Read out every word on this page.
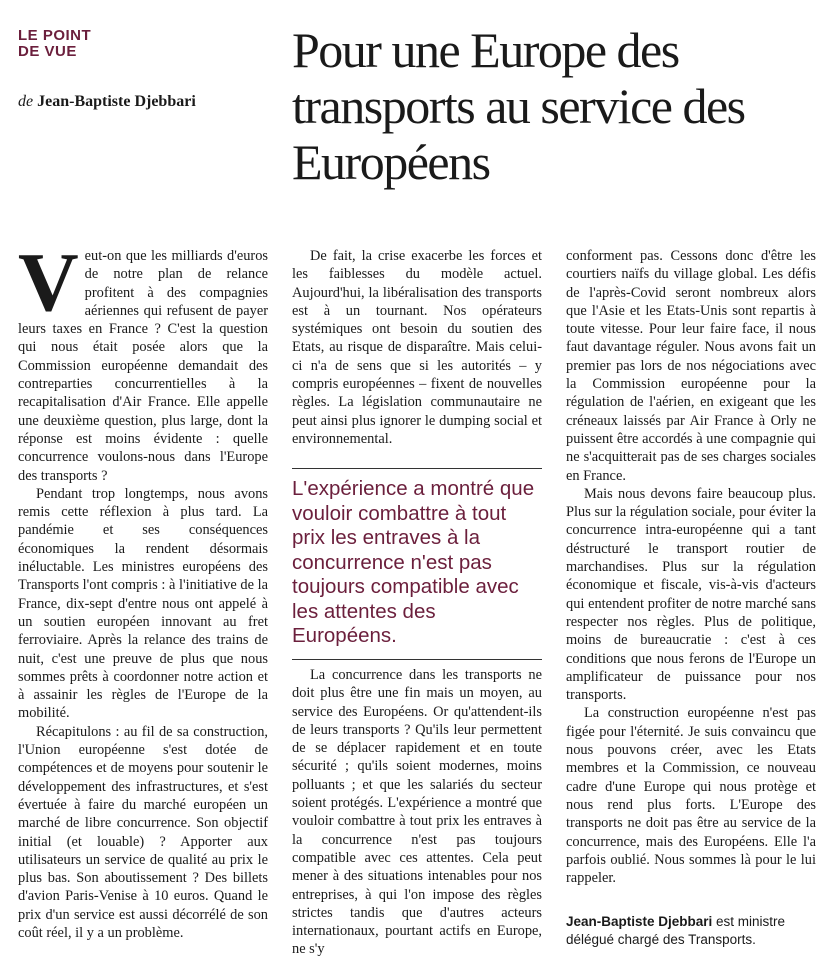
LE POINT
DE VUE
de Jean-Baptiste Djebbari
Pour une Europe des transports au service des Européens

Veut-on que les milliards d'euros de notre plan de relance profitent à des compagnies aériennes qui refusent de payer leurs taxes en France ? C'est la question qui nous était posée alors que la Commission européenne demandait des contreparties concurrentielles à la recapitalisation d'Air France. Elle appelle une deuxième question, plus large, dont la réponse est moins évidente : quelle concurrence voulons-nous dans l'Europe des transports ?

Pendant trop longtemps, nous avons remis cette réflexion à plus tard. La pandémie et ses conséquences économiques la rendent désormais inéluctable. Les ministres européens des Transports l'ont compris : à l'initiative de la France, dix-sept d'entre nous ont appelé à un soutien européen innovant au fret ferroviaire. Après la relance des trains de nuit, c'est une preuve de plus que nous sommes prêts à coordonner notre action et à assainir les règles de l'Europe de la mobilité.

Récapitulons : au fil de sa construction, l'Union européenne s'est dotée de compétences et de moyens pour soutenir le développement des infrastructures, et s'est évertuée à faire du marché européen un marché de libre concurrence. Son objectif initial (et louable) ? Apporter aux utilisateurs un service de qualité au prix le plus bas. Son aboutissement ? Des billets d'avion Paris-Venise à 10 euros. Quand le prix d'un service est aussi décorrélé de son coût réel, il y a un problème.

De fait, la crise exacerbe les forces et les faiblesses du modèle actuel. Aujourd'hui, la libéralisation des transports est à un tournant. Nos opérateurs systémiques ont besoin du soutien des Etats, au risque de disparaître. Mais celui-ci n'a de sens que si les autorités – y compris européennes – fixent de nouvelles règles. La législation communautaire ne peut ainsi plus ignorer le dumping social et environnemental.

L'expérience a montré que vouloir combattre à tout prix les entraves à la concurrence n'est pas toujours compatible avec les attentes des Européens.

La concurrence dans les transports ne doit plus être une fin mais un moyen, au service des Européens. Or qu'attendent-ils de leurs transports ? Qu'ils leur permettent de se déplacer rapidement et en toute sécurité ; qu'ils soient modernes, moins polluants ; et que les salariés du secteur soient protégés. L'expérience a montré que vouloir combattre à tout prix les entraves à la concurrence n'est pas toujours compatible avec ces attentes. Cela peut mener à des situations intenables pour nos entreprises, à qui l'on impose des règles strictes tandis que d'autres acteurs internationaux, pourtant actifs en Europe, ne s'y

conforment pas. Cessons donc d'être les courtiers naïfs du village global. Les défis de l'après-Covid seront nombreux alors que l'Asie et les Etats-Unis sont repartis à toute vitesse. Pour leur faire face, il nous faut davantage réguler. Nous avons fait un premier pas lors de nos négociations avec la Commission européenne pour la régulation de l'aérien, en exigeant que les créneaux laissés par Air France à Orly ne puissent être accordés à une compagnie qui ne s'acquitterait pas de ses charges sociales en France.

Mais nous devons faire beaucoup plus. Plus sur la régulation sociale, pour éviter la concurrence intra-européenne qui a tant déstructuré le transport routier de marchandises. Plus sur la régulation économique et fiscale, vis-à-vis d'acteurs qui entendent profiter de notre marché sans respecter nos règles. Plus de politique, moins de bureaucratie : c'est à ces conditions que nous ferons de l'Europe un amplificateur de puissance pour nos transports.

La construction européenne n'est pas figée pour l'éternité. Je suis convaincu que nous pouvons créer, avec les Etats membres et la Commission, ce nouveau cadre d'une Europe qui nous protège et nous rend plus forts. L'Europe des transports ne doit pas être au service de la concurrence, mais des Européens. Elle l'a parfois oublié. Nous sommes là pour le lui rappeler.

Jean-Baptiste Djebbari est ministre délégué chargé des Transports.
